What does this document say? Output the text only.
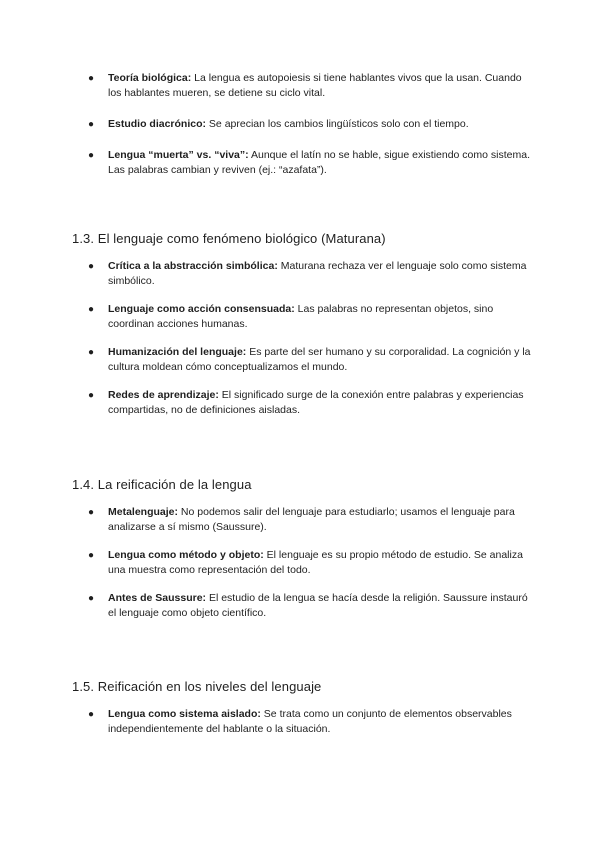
● Teoría biológica: La lengua es autopoiesis si tiene hablantes vivos que la usan. Cuando los hablantes mueren, se detiene su ciclo vital.
● Estudio diacrónico: Se aprecian los cambios lingüísticos solo con el tiempo.
● Lengua “muerta” vs. “viva”: Aunque el latín no se hable, sigue existiendo como sistema. Las palabras cambian y reviven (ej.: “azafata”).
1.3. El lenguaje como fenómeno biológico (Maturana)
● Crítica a la abstracción simbólica: Maturana rechaza ver el lenguaje solo como sistema simbólico.
● Lenguaje como acción consensuada: Las palabras no representan objetos, sino coordinan acciones humanas.
● Humanización del lenguaje: Es parte del ser humano y su corporalidad. La cognición y la cultura moldean cómo conceptualizamos el mundo.
● Redes de aprendizaje: El significado surge de la conexión entre palabras y experiencias compartidas, no de definiciones aisladas.
1.4. La reificación de la lengua
● Metalenguaje: No podemos salir del lenguaje para estudiarlo; usamos el lenguaje para analizarse a sí mismo (Saussure).
● Lengua como método y objeto: El lenguaje es su propio método de estudio. Se analiza una muestra como representación del todo.
● Antes de Saussure: El estudio de la lengua se hacía desde la religión. Saussure instauró el lenguaje como objeto científico.
1.5. Reificación en los niveles del lenguaje
● Lengua como sistema aislado: Se trata como un conjunto de elementos observables independientemente del hablante o la situación.
